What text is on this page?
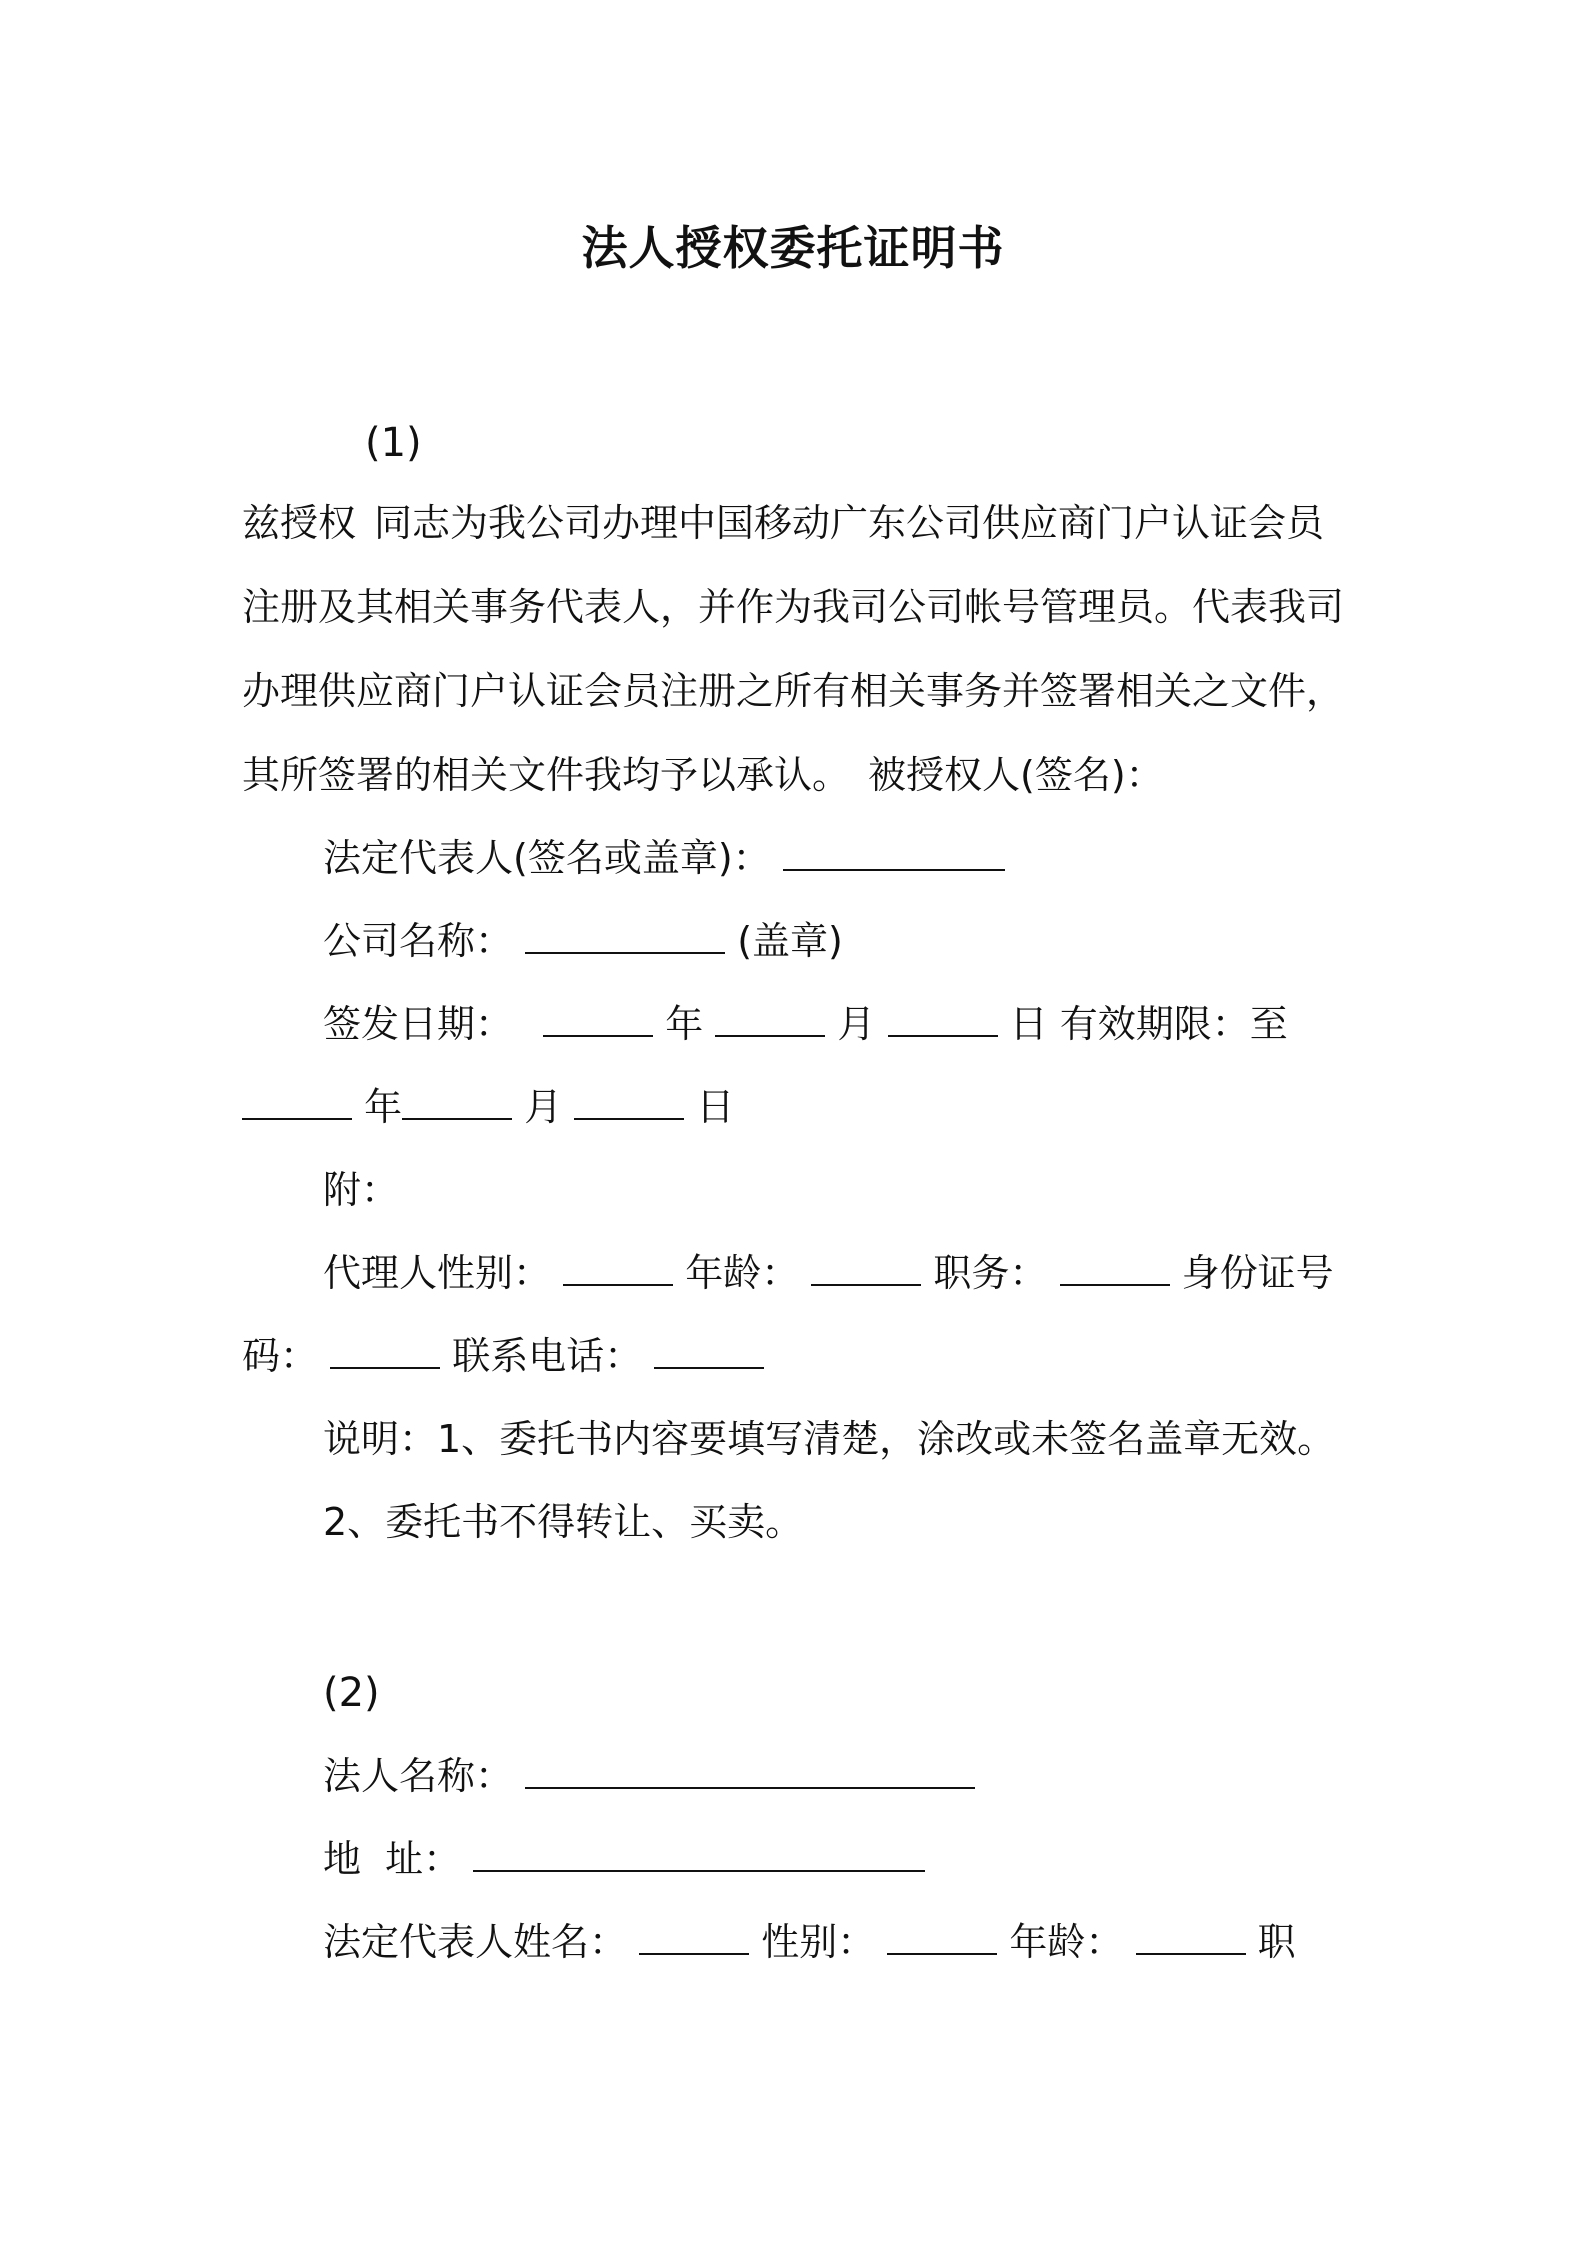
法人授权委托证明书
(1)
兹授权 同志为我公司办理中国移动广东公司供应商门户认证会员注册及其相关事务代表人，并作为我司公司帐号管理员。代表我司办理供应商门户认证会员注册之所有相关事务并签署相关之文件，其所签署的相关文件我均予以承认。 被授权人(签名)：
法定代表人(签名或盖章)：
公司名称：	(盖章)
签发日期：	年	月	日 有效期限：至
年	月	日
附：
代理人性别：	年龄：	职务：	身份证号
码：	联系电话：
说明：1、委托书内容要填写清楚，涂改或未签名盖章无效。
2、委托书不得转让、买卖。
(2)
法人名称：
地  址：
法定代表人姓名：	性别：	年龄：	职
